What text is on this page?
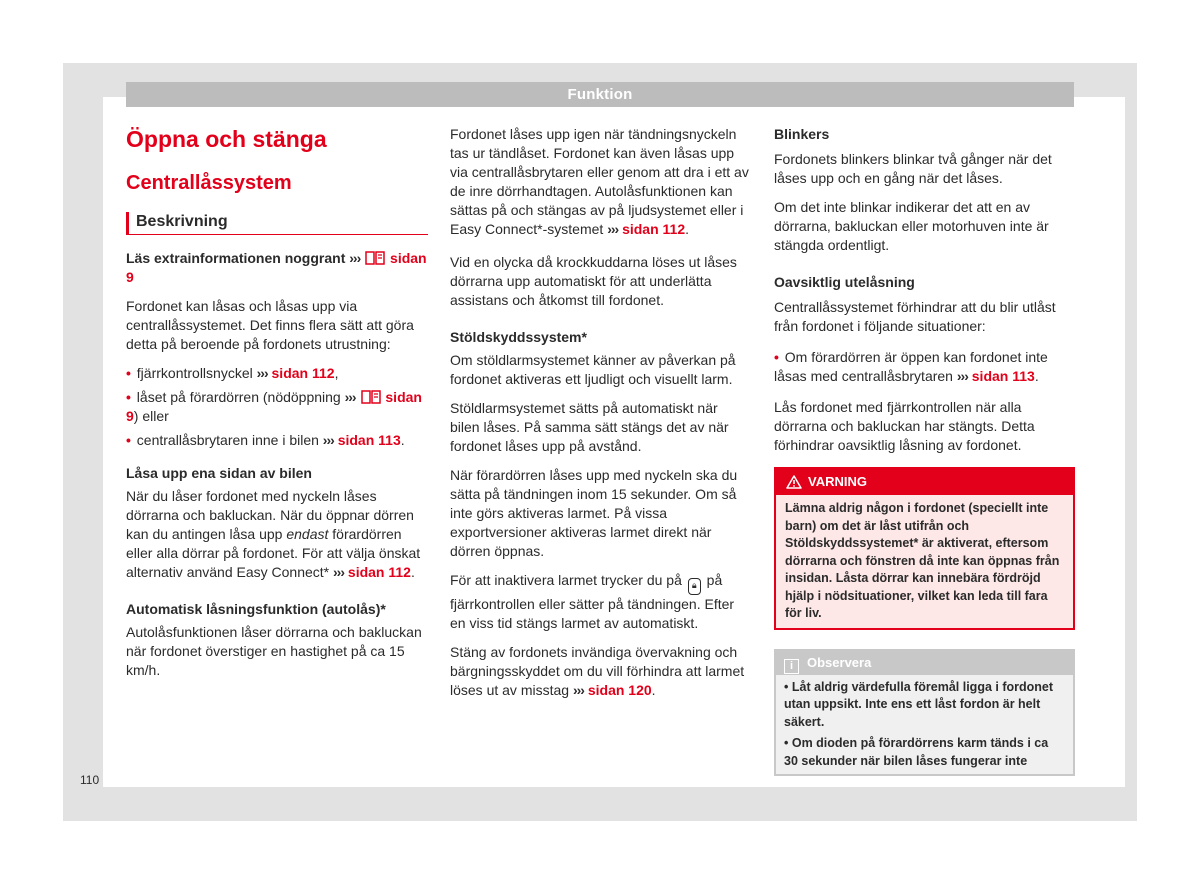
Funktion
Öppna och stänga
Centrallåssystem
Beskrivning

Läs extrainformationen noggrant ››› sidan 9

Fordonet kan låsas och låsas upp via centrallåssystemet. Det finns flera sätt att göra detta på beroende på fordonets utrustning:

• fjärrkontrollsnyckel ››› sidan 112,
• låset på förardörren (nödöppning ››› sidan 9) eller
• centrallåsbrytaren inne i bilen ››› sidan 113.
Låsa upp ena sidan av bilen

När du låser fordonet med nyckeln låses dörrarna och bakluckan. När du öppnar dörren kan du antingen låsa upp endast förardörren eller alla dörrar på fordonet. För att välja önskat alternativ använd Easy Connect* ››› sidan 112.

Automatisk låsningsfunktion (autolås)*

Autolåsfunktionen låser dörrarna och bakluckan när fordonet överstiger en hastighet på ca 15 km/h.

Fordonet låses upp igen när tändningsnyckeln tas ur tändlåset. Fordonet kan även låsas upp via centrallåsbrytaren eller genom att dra i ett av de inre dörrhandtagen. Autolåsfunktionen kan sättas på och stängas av på ljudsystemet eller i Easy Connect*-systemet ››› sidan 112.

Vid en olycka då krockkuddarna löses ut låses dörrarna upp automatiskt för att underlätta assistans och åtkomst till fordonet.

Stöldskyddssystem*

Om stöldlarmsystemet känner av påverkan på fordonet aktiveras ett ljudligt och visuellt larm.

Stöldlarmsystemet sätts på automatiskt när bilen låses. På samma sätt stängs det av när fordonet låses upp på avstånd.

När förardörren låses upp med nyckeln ska du sätta på tändningen inom 15 sekunder. Om så inte görs aktiveras larmet. På vissa exportversioner aktiveras larmet direkt när dörren öppnas.

För att inaktivera larmet trycker du på 🔒︎ på fjärrkontrollen eller sätter på tändningen. Efter en viss tid stängs larmet av automatiskt.

Stäng av fordonets invändiga övervakning och bärgningsskyddet om du vill förhindra att larmet löses ut av misstag ››› sidan 120.

Blinkers

Fordonets blinkers blinkar två gånger när det låses upp och en gång när det låses.

Om det inte blinkar indikerar det att en av dörrarna, bakluckan eller motorhuven inte är stängda ordentligt.

Oavsiktlig utelåsning

Centrallåssystemet förhindrar att du blir utlåst från fordonet i följande situationer:

• Om förardörren är öppen kan fordonet inte låsas med centrallåsbrytaren ››› sidan 113.

Lås fordonet med fjärrkontrollen när alla dörrarna och bakluckan har stängts. Detta förhindrar oavsiktlig låsning av fordonet.

VARNING
Lämna aldrig någon i fordonet (speciellt inte barn) om det är låst utifrån och Stöldskyddssystemet* är aktiverat, eftersom dörrarna och fönstren då inte kan öppnas från insidan. Låsta dörrar kan innebära fördröjd hjälp i nödsituationer, vilket kan leda till fara för liv.
i Observera
• Låt aldrig värdefulla föremål ligga i fordonet utan uppsikt. Inte ens ett låst fordon är helt säkert.
• Om dioden på förardörrens karm tänds i ca 30 sekunder när bilen låses fungerar inte
110
